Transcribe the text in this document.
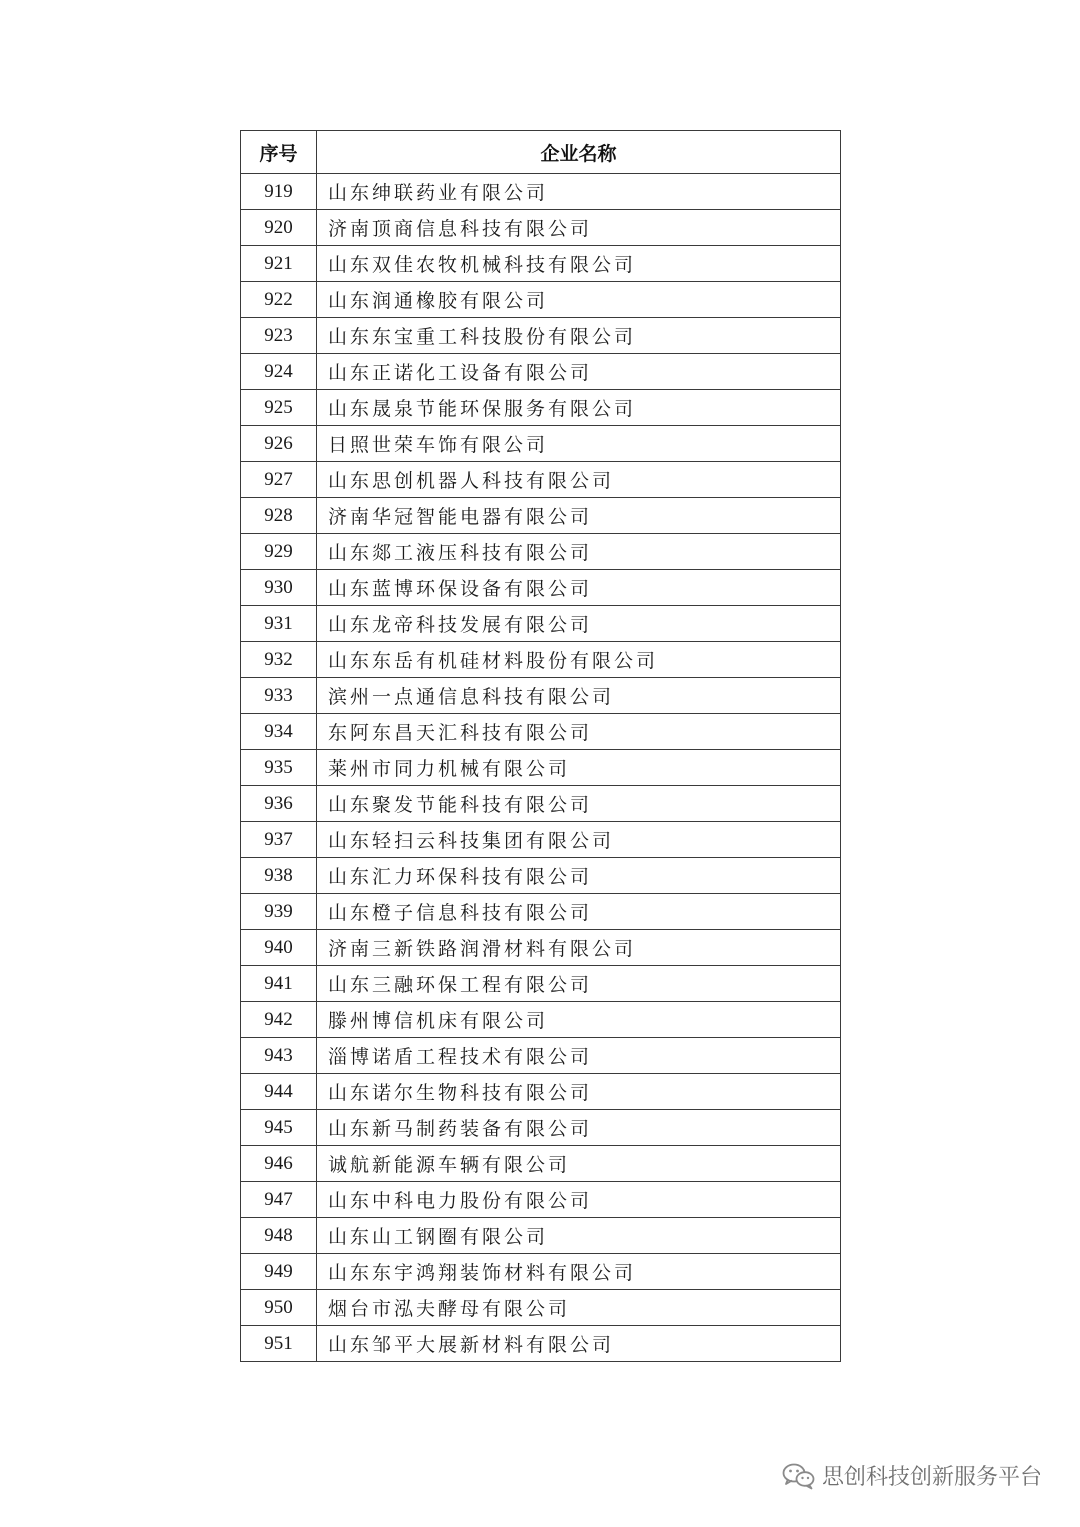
序号	企业名称
919	山东绅联药业有限公司
920	济南顶商信息科技有限公司
921	山东双佳农牧机械科技有限公司
922	山东润通橡胶有限公司
923	山东东宝重工科技股份有限公司
924	山东正诺化工设备有限公司
925	山东晟泉节能环保服务有限公司
926	日照世荣车饰有限公司
927	山东思创机器人科技有限公司
928	济南华冠智能电器有限公司
929	山东郯工液压科技有限公司
930	山东蓝博环保设备有限公司
931	山东龙帝科技发展有限公司
932	山东东岳有机硅材料股份有限公司
933	滨州一点通信息科技有限公司
934	东阿东昌天汇科技有限公司
935	莱州市同力机械有限公司
936	山东聚发节能科技有限公司
937	山东轻扫云科技集团有限公司
938	山东汇力环保科技有限公司
939	山东橙子信息科技有限公司
940	济南三新铁路润滑材料有限公司
941	山东三融环保工程有限公司
942	滕州博信机床有限公司
943	淄博诺盾工程技术有限公司
944	山东诺尔生物科技有限公司
945	山东新马制药装备有限公司
946	诚航新能源车辆有限公司
947	山东中科电力股份有限公司
948	山东山工钢圈有限公司
949	山东东宇鸿翔装饰材料有限公司
950	烟台市泓夫酵母有限公司
951	山东邹平大展新材料有限公司
思创科技创新服务平台
